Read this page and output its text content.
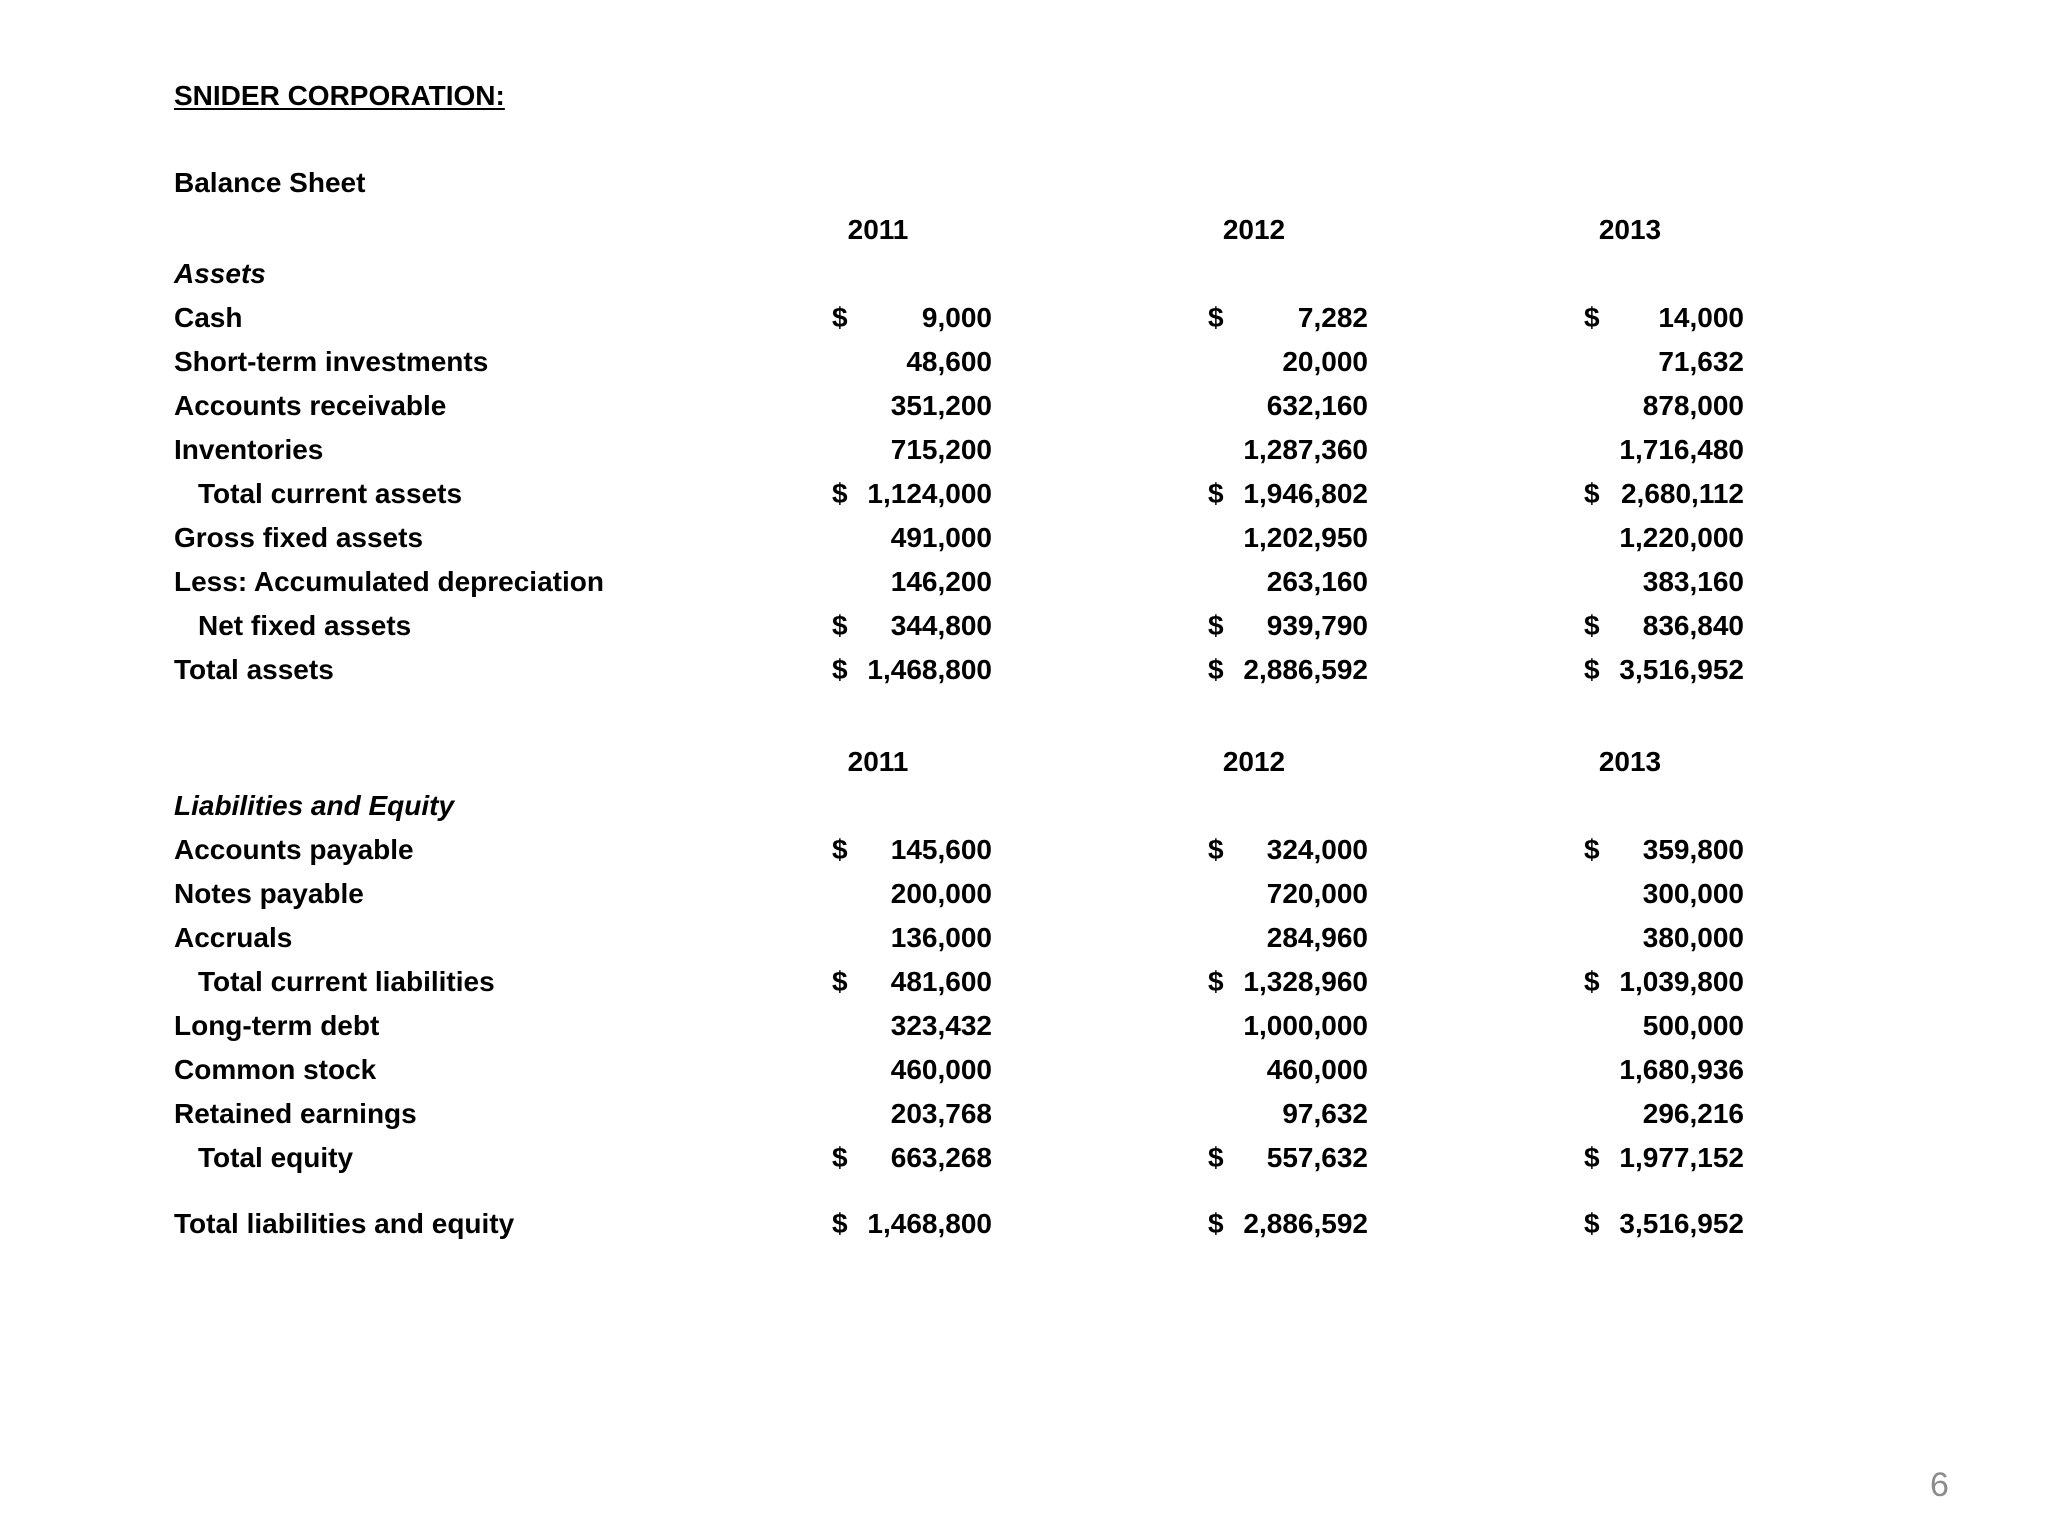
SNIDER CORPORATION:
Balance Sheet
2011	2012	2013
Assets
Cash	$	9,000	$	7,282	$ 14,000
Short-term investments	48,600	20,000	71,632
Accounts receivable	351,200	632,160	878,000
Inventories	715,200	1,287,360	1,716,480
Total current assets	$ 1,124,000	$ 1,946,802	$ 2,680,112
Gross fixed assets	491,000	1,202,950	1,220,000
Less: Accumulated depreciation	146,200	263,160	383,160
Net fixed assets	$ 344,800	$ 939,790	$ 836,840
Total assets	$ 1,468,800	$ 2,886,592	$ 3,516,952
2011	2012	2013
Liabilities and Equity
Accounts payable	$ 145,600	$ 324,000	$ 359,800
Notes payable	200,000	720,000	300,000
Accruals	136,000	284,960	380,000
Total current liabilities	$ 481,600	$ 1,328,960	$ 1,039,800
Long-term debt	323,432	1,000,000	500,000
Common stock	460,000	460,000	1,680,936
Retained earnings	203,768	97,632	296,216
Total equity	$ 663,268	$ 557,632	$ 1,977,152
Total liabilities and equity	$ 1,468,800	$ 2,886,592	$ 3,516,952
6
